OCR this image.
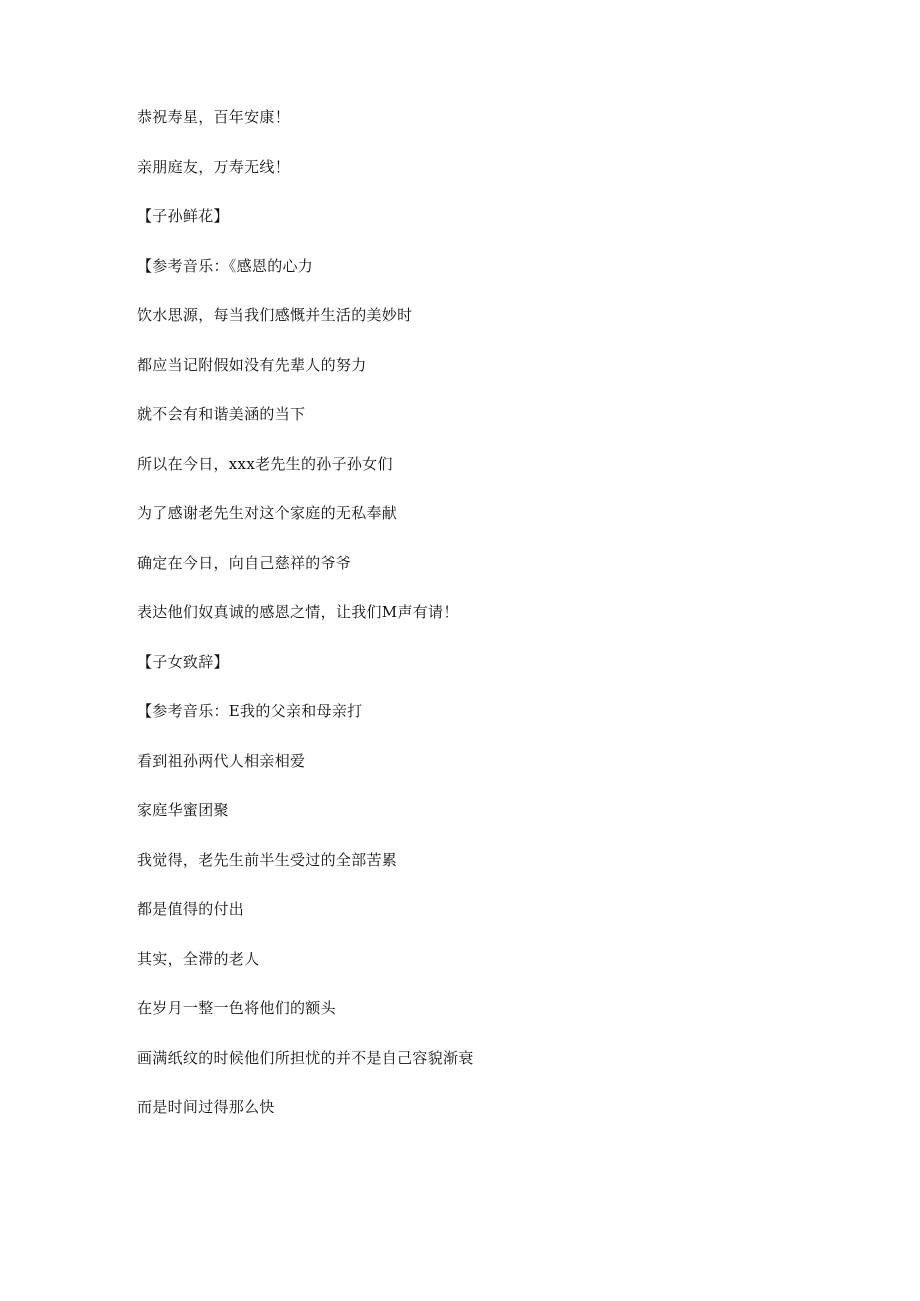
恭祝寿星，百年安康！
亲朋庭友，万寿无线！
【子孙鲜花】
【参考音乐：《感恩的心力
饮水思源，每当我们感慨并生活的美妙时
都应当记附假如没有先辈人的努力
就不会有和谐美涵的当下
所以在今日，xxx老先生的孙子孙女们
为了感谢老先生对这个家庭的无私奉献
确定在今日，向自己慈祥的爷爷
表达他们奴真诚的感恩之情，让我们M声有请！
【子女致辞】
【参考音乐：E我的父亲和母亲打
看到祖孙两代人相亲相爱
家庭华蜜团聚
我觉得，老先生前半生受过的全部苦累
都是值得的付出
其实，全滞的老人
在岁月一整一色将他们的额头
画满纸纹的时候他们所担忧的并不是自己容貌渐衰
而是时间过得那么快
